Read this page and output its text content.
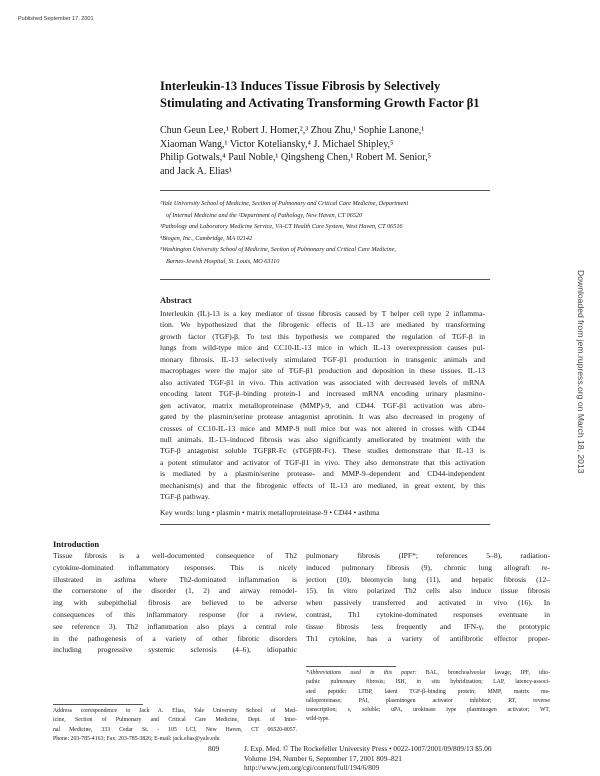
Published September 17, 2001
Interleukin-13 Induces Tissue Fibrosis by Selectively
Stimulating and Activating Transforming Growth Factor β1
Chun Geun Lee,¹ Robert J. Homer,²,³ Zhou Zhu,¹ Sophie Lanone,¹
Xiaoman Wang,¹ Victor Koteliansky,⁴ J. Michael Shipley,⁵
Philip Gotwals,⁴ Paul Noble,¹ Qingsheng Chen,¹ Robert M. Senior,⁵
and Jack A. Elias¹
¹Yale University School of Medicine, Section of Pulmonary and Critical Care Medicine, Department
of Internal Medicine and the ²Department of Pathology, New Haven, CT 06520
³Pathology and Laboratory Medicine Service, VA-CT Health Care System, West Haven, CT 06516
⁴Biogen, Inc., Cambridge, MA 02142
⁵Washington University School of Medicine, Section of Pulmonary and Critical Care Medicine,
Barnes-Jewish Hospital, St. Louis, MO 63110
Abstract
Interleukin (IL)-13 is a key mediator of tissue fibrosis caused by T helper cell type 2 inflamma-
tion. We hypothesized that the fibrogenic effects of IL-13 are mediated by transforming
growth factor (TGF)-β. To test this hypothesis we compared the regulation of TGF-β in
lungs from wild-type mice and CC10-IL-13 mice in which IL-13 overexpression causes pul-
monary fibrosis. IL-13 selectively stimulated TGF-β1 production in transgenic animals and
macrophages were the major site of TGF-β1 production and deposition in these tissues. IL-13
also activated TGF-β1 in vivo. This activation was associated with decreased levels of mRNA
encoding latent TGF-β–binding protein-1 and increased mRNA encoding urinary plasmino-
gen activator, matrix metalloproteinase (MMP)-9, and CD44. TGF-β1 activation was abro-
gated by the plasmin/serine protease antagonist aprotinin. It was also decreased in progeny of
crosses of CC10-IL-13 mice and MMP-9 null mice but was not altered in crosses with CD44
null animals. IL-13–induced fibrosis was also significantly ameliorated by treatment with the
TGF-β antagonist soluble TGFβR-Fc (sTGFβR-Fc). These studies demonstrate that IL-13 is
a potent stimulator and activator of TGF-β1 in vivo. They also demonstrate that this activation
is mediated by a plasmin/serine protease- and MMP-9–dependent and CD44-independent
mechanism(s) and that the fibrogenic effects of IL-13 are mediated, in great extent, by this
TGF-β pathway.
Key words: lung • plasmin • matrix metalloproteinase-9 • CD44 • asthma
Downloaded from jem.rupress.org on March 18, 2013
Introduction
Tissue fibrosis is a well-documented consequence of Th2
cytokine-dominated inflammatory responses. This is nicely
illustrated in asthma where Th2-dominated inflammation is
the cornerstone of the disorder (1, 2) and airway remodel-
ing with subepithelial fibrosis are believed to be adverse
consequences of this inflammatory response (for a review,
see reference 3). Th2 inflammation also plays a central role
in the pathogenesis of a variety of other fibrotic disorders
including progressive systemic sclerosis (4–6), idiopathic
pulmonary fibrosis (IPF*; references 5–8), radiation-
induced pulmonary fibrosis (9), chronic lung allograft re-
jection (10), bleomycin lung (11), and hepatic fibrosis (12–
15). In vitro polarized Th2 cells also induce tissue fibrosis
when passively transferred and activated in vivo (16). In
contrast, Th1 cytokine-dominated responses eventuate in
tissue fibrosis less frequently and IFN-γ, the prototypic
Th1 cytokine, has a variety of antifibrotic effector proper-
Address correspondence to Jack A. Elias, Yale University School of Med-
icine, Section of Pulmonary and Critical Care Medicine, Dept. of Inter-
nal Medicine, 333 Cedar St. - 105 LCI, New Haven, CT 06520-8057.
Phone: 203-785-4163; Fax: 203-785-3826; E-mail: jack.elias@yale.edu
*Abbreviations used in this paper: BAL, bronchoalveolar lavage; IPF, idio-
pathic pulmonary fibrosis; ISH, in situ hybridization; LAP, latency-associ-
ated peptide; LTBP, latent TGF-β–binding protein; MMP, matrix me-
talloproteinase; PAI, plasminogen activator inhibitor; RT, reverse
transcription; s, soluble; uPA, urokinase type plasminogen activator; WT,
wild-type.
809	J. Exp. Med. © The Rockefeller University Press • 0022-1007/2001/09/809/13 $5.00
Volume 194, Number 6, September 17, 2001 809–821
http://www.jem.org/cgi/content/full/194/6/809
